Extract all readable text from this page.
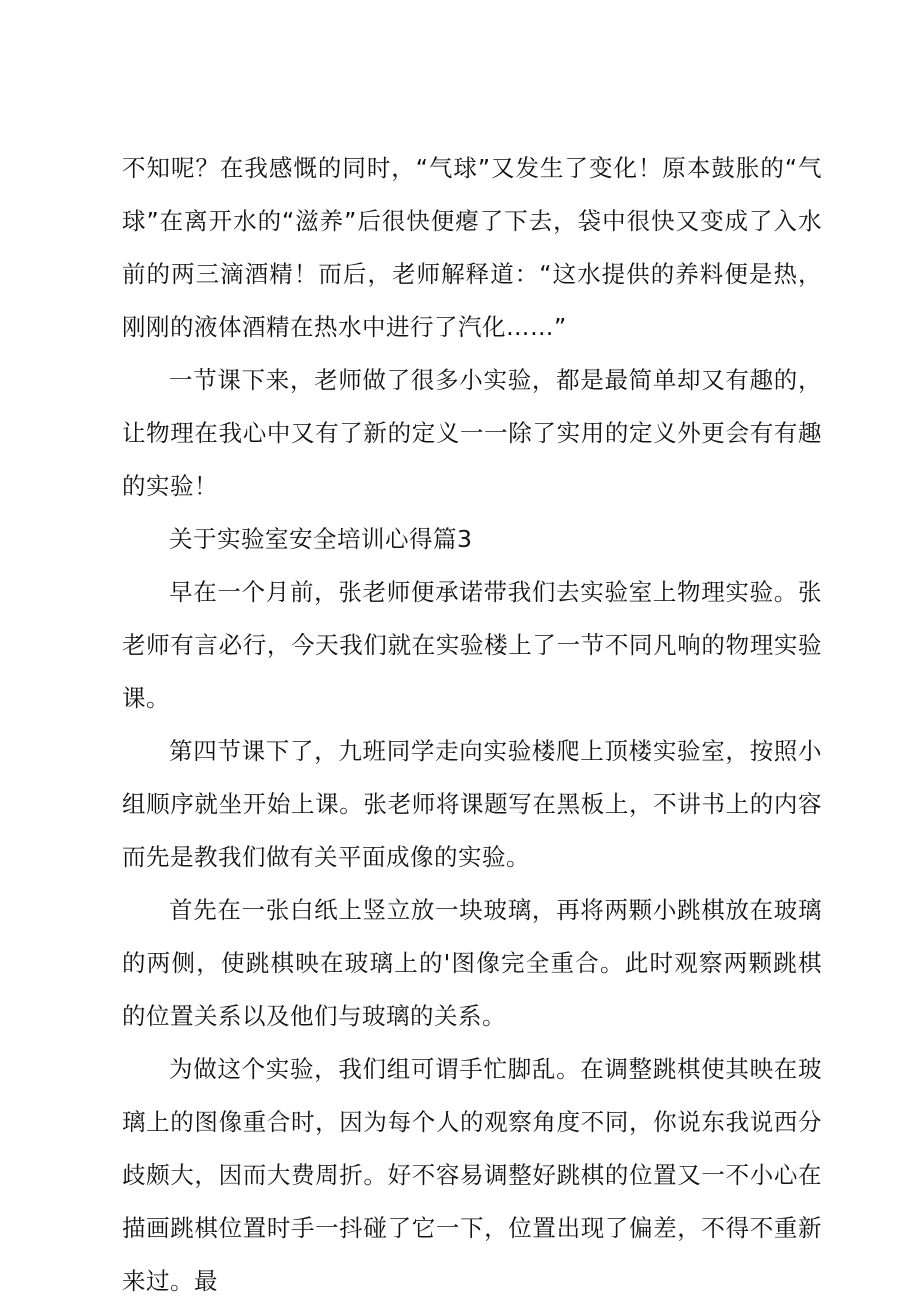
不知呢？在我感慨的同时，“气球”又发生了变化！原本鼓胀的“气球”在离开水的“滋养”后很快便瘪了下去，袋中很快又变成了入水前的两三滴酒精！而后，老师解释道：“这水提供的养料便是热，刚刚的液体酒精在热水中进行了汽化……”

一节课下来，老师做了很多小实验，都是最简单却又有趣的，让物理在我心中又有了新的定义一一除了实用的定义外更会有有趣的实验！

关于实验室安全培训心得篇3

早在一个月前，张老师便承诺带我们去实验室上物理实验。张老师有言必行，今天我们就在实验楼上了一节不同凡响的物理实验课。

第四节课下了，九班同学走向实验楼爬上顶楼实验室，按照小组顺序就坐开始上课。张老师将课题写在黑板上，不讲书上的内容而先是教我们做有关平面成像的实验。

首先在一张白纸上竖立放一块玻璃，再将两颗小跳棋放在玻璃的两侧，使跳棋映在玻璃上的'图像完全重合。此时观察两颗跳棋的位置关系以及他们与玻璃的关系。

为做这个实验，我们组可谓手忙脚乱。在调整跳棋使其映在玻璃上的图像重合时，因为每个人的观察角度不同，你说东我说西分歧颇大，因而大费周折。好不容易调整好跳棋的位置又一不小心在描画跳棋位置时手一抖碰了它一下，位置出现了偏差，不得不重新来过。最
